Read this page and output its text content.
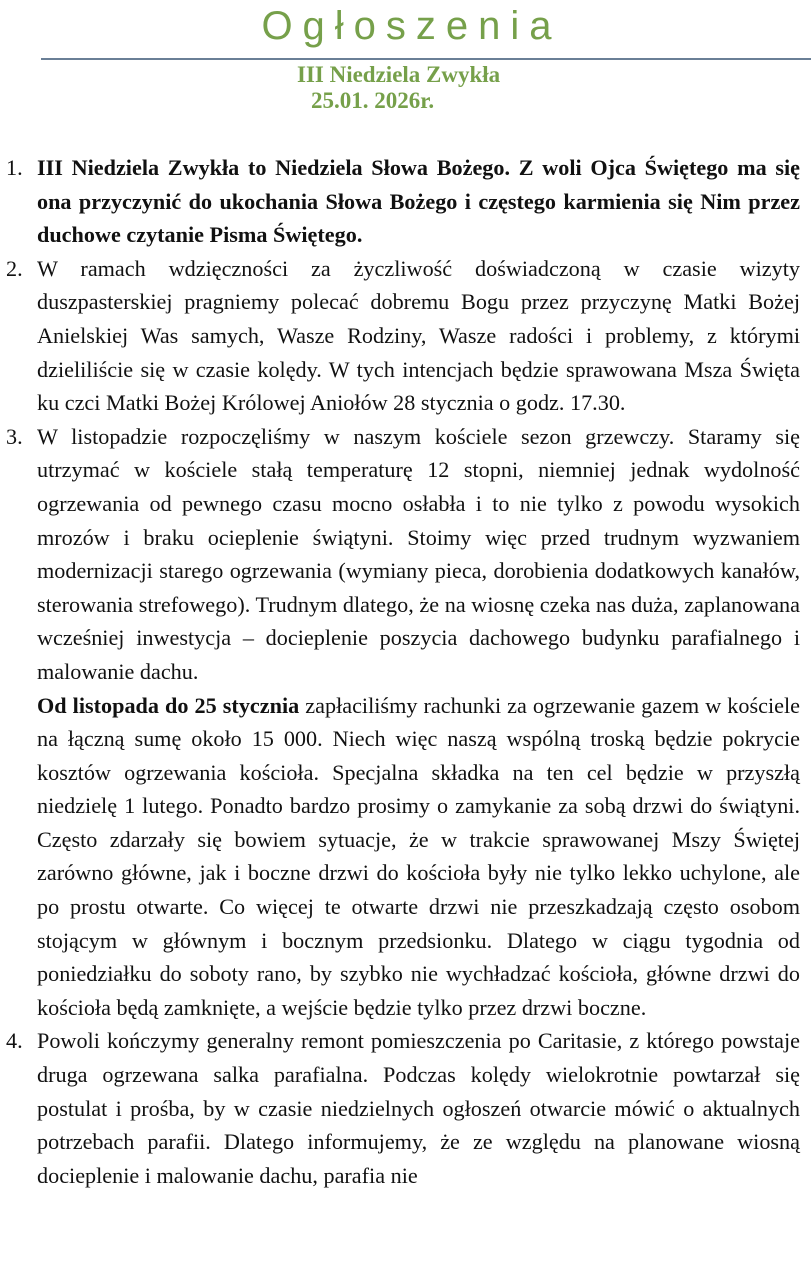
Ogłoszenia
III Niedziela Zwykła
25.01. 2026r.
1. III Niedziela Zwykła to Niedziela Słowa Bożego. Z woli Ojca Świętego ma się ona przyczynić do ukochania Słowa Bożego i częstego karmienia się Nim przez duchowe czytanie Pisma Świętego.
2. W ramach wdzięczności za życzliwość doświadczoną w czasie wizyty duszpasterskiej pragniemy polecać dobremu Bogu przez przyczynę Matki Bożej Anielskiej Was samych, Wasze Rodziny, Wasze radości i problemy, z którymi dzieliliście się w czasie kolędy. W tych intencjach będzie sprawowana Msza Święta ku czci Matki Bożej Królowej Aniołów 28 stycznia o godz. 17.30.
3. W listopadzie rozpoczęliśmy w naszym kościele sezon grzewczy. Staramy się utrzymać w kościele stałą temperaturę 12 stopni, niemniej jednak wydolność ogrzewania od pewnego czasu mocno osłabła i to nie tylko z powodu wysokich mrozów i braku ocieplenie świątyni. Stoimy więc przed trudnym wyzwaniem modernizacji starego ogrzewania (wymiany pieca, dorobienia dodatkowych kanałów, sterowania strefowego). Trudnym dlatego, że na wiosnę czeka nas duża, zaplanowana wcześniej inwestycja – docieplenie poszycia dachowego budynku parafialnego i malowanie dachu.
Od listopada do 25 stycznia zapłaciliśmy rachunki za ogrzewanie gazem w kościele na łączną sumę około 15 000. Niech więc naszą wspólną troską będzie pokrycie kosztów ogrzewania kościoła. Specjalna składka na ten cel będzie w przyszłą niedzielę 1 lutego. Ponadto bardzo prosimy o zamykanie za sobą drzwi do świątyni. Często zdarzały się bowiem sytuacje, że w trakcie sprawowanej Mszy Świętej zarówno główne, jak i boczne drzwi do kościoła były nie tylko lekko uchylone, ale po prostu otwarte. Co więcej te otwarte drzwi nie przeszkadzają często osobom stojącym w głównym i bocznym przedsionku. Dlatego w ciągu tygodnia od poniedziałku do soboty rano, by szybko nie wychładzać kościoła, główne drzwi do kościoła będą zamknięte, a wejście będzie tylko przez drzwi boczne.
4. Powoli kończymy generalny remont pomieszczenia po Caritasie, z którego powstaje druga ogrzewana salka parafialna. Podczas kolędy wielokrotnie powtarzał się postulat i prośba, by w czasie niedzielnych ogłoszeń otwarcie mówić o aktualnych potrzebach parafii. Dlatego informujemy, że ze względu na planowane wiosną docieplenie i malowanie dachu, parafia nie
